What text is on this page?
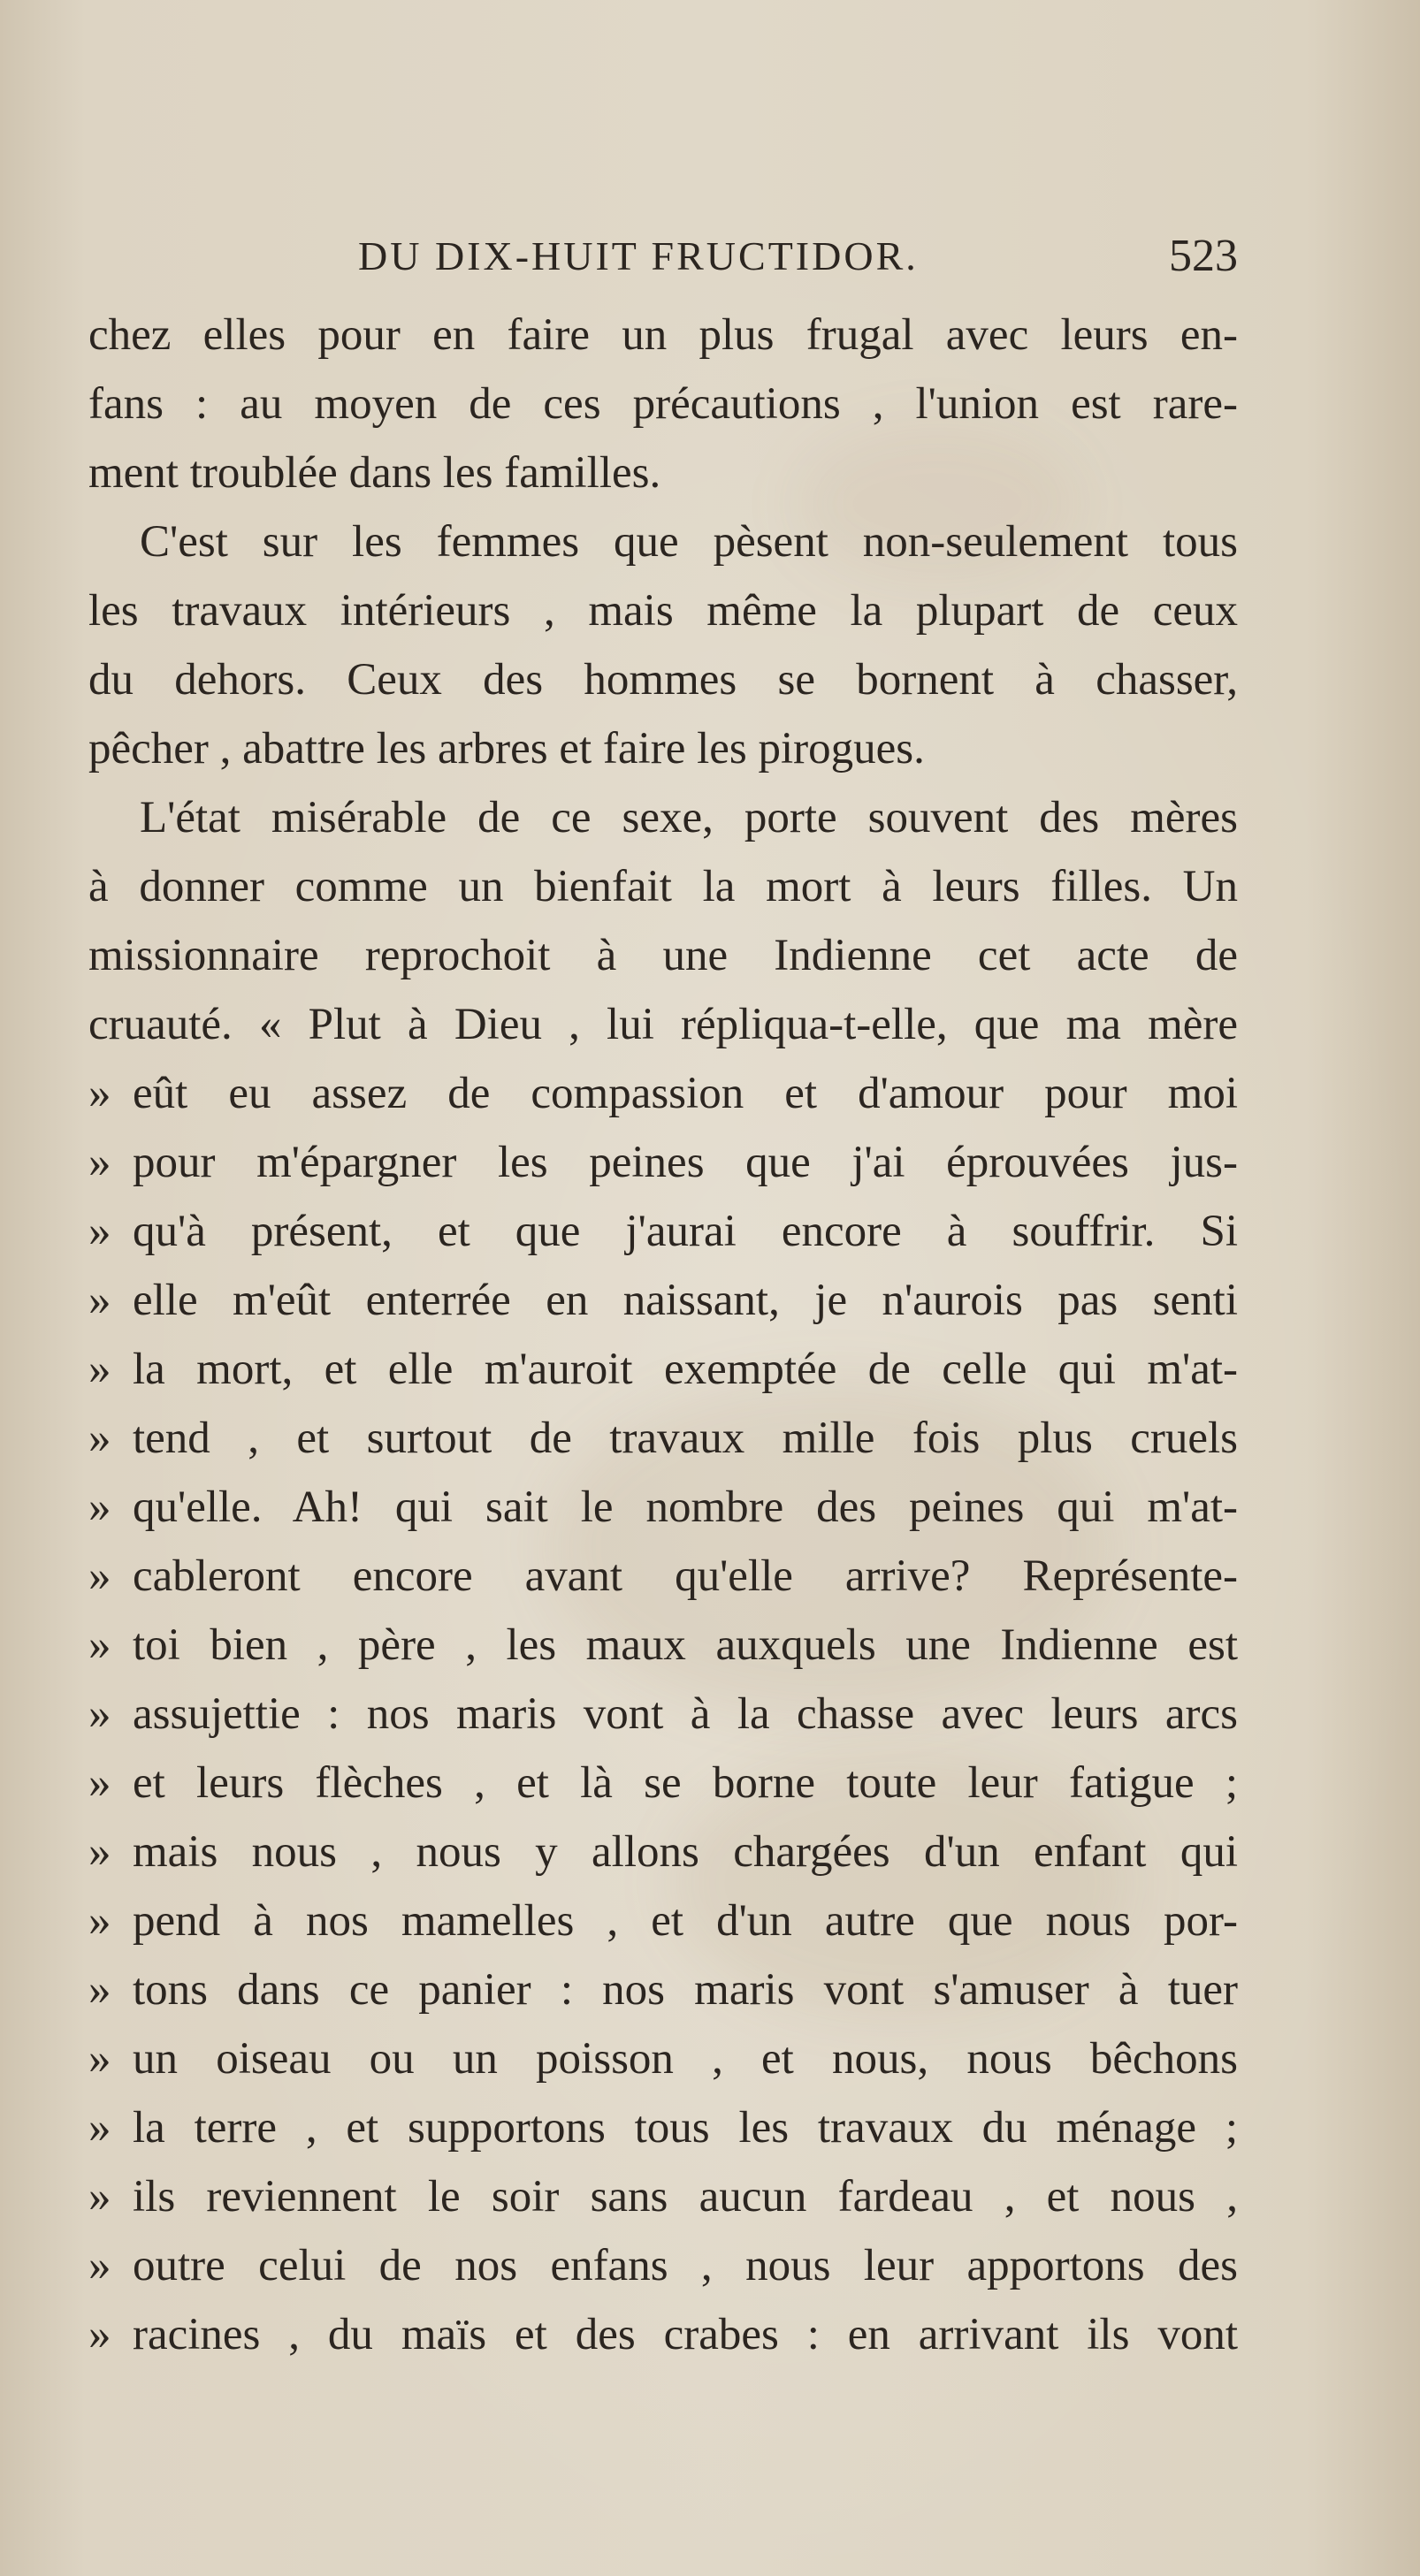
DU DIX-HUIT FRUCTIDOR.	523
chez elles pour en faire un plus frugal avec leurs en-
fans : au moyen de ces précautions , l'union est rare-
ment troublée dans les familles.
C'est sur les femmes que pèsent non-seulement tous
les travaux intérieurs , mais même la plupart de ceux
du dehors. Ceux des hommes se bornent à chasser,
pêcher , abattre les arbres et faire les pirogues.
L'état misérable de ce sexe, porte souvent des mères
à donner comme un bienfait la mort à leurs filles. Un
missionnaire reprochoit à une Indienne cet acte de
cruauté. « Plut à Dieu , lui répliqua-t-elle, que ma mère
» eût eu assez de compassion et d'amour pour moi
» pour m'épargner les peines que j'ai éprouvées jus-
» qu'à présent, et que j'aurai encore à souffrir. Si
» elle m'eût enterrée en naissant, je n'aurois pas senti
» la mort, et elle m'auroit exemptée de celle qui m'at-
» tend , et surtout de travaux mille fois plus cruels
» qu'elle. Ah! qui sait le nombre des peines qui m'at-
» cableront encore avant qu'elle arrive? Représente-
» toi bien , père , les maux auxquels une Indienne est
» assujettie : nos maris vont à la chasse avec leurs arcs
» et leurs flèches , et là se borne toute leur fatigue ;
» mais nous , nous y allons chargées d'un enfant qui
» pend à nos mamelles , et d'un autre que nous por-
» tons dans ce panier : nos maris vont s'amuser à tuer
» un oiseau ou un poisson , et nous, nous bêchons
» la terre , et supportons tous les travaux du ménage ;
» ils reviennent le soir sans aucun fardeau , et nous ,
» outre celui de nos enfans , nous leur apportons des
» racines , du maïs et des crabes : en arrivant ils vont
